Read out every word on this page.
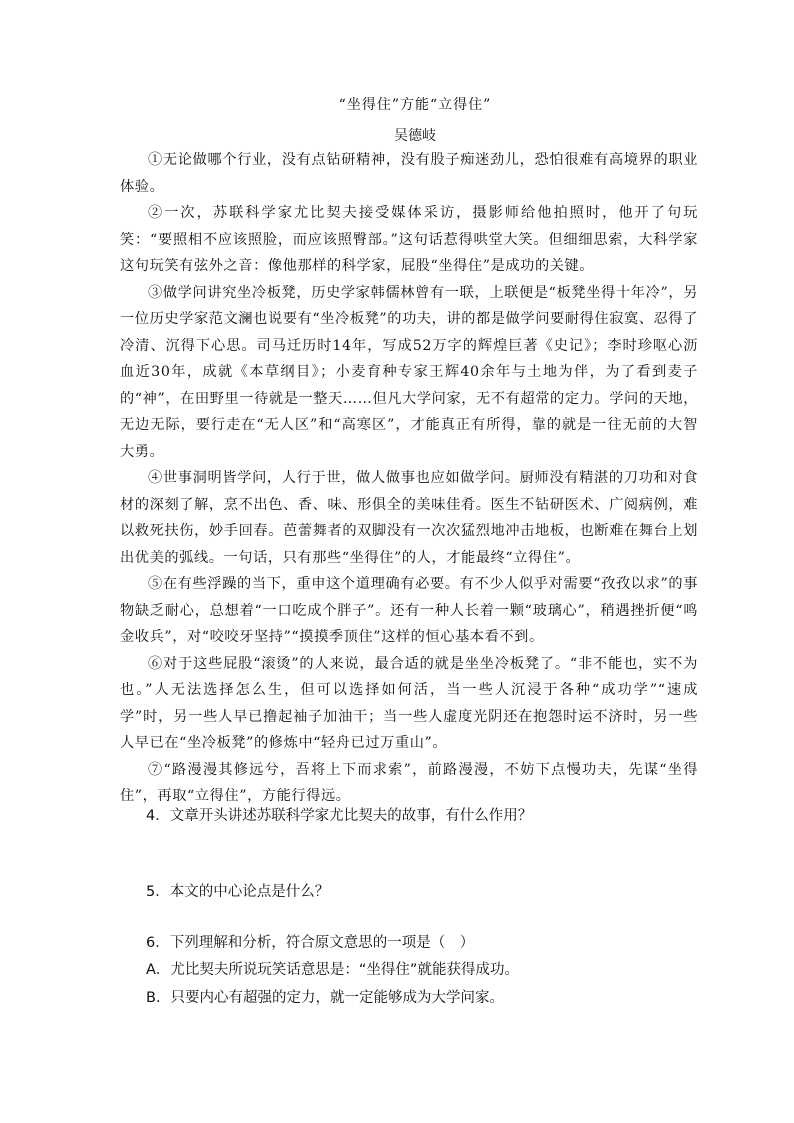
“坐得住”方能“立得住”
吴德岐

①无论做哪个行业，没有点钻研精神，没有股子痴迷劲儿，恐怕很难有高境界的职业体验。

②一次，苏联科学家尤比契夫接受媒体采访，摄影师给他拍照时，他开了句玩笑：“要照相不应该照脸，而应该照臀部。”这句话惹得哄堂大笑。但细细思索，大科学家这句玩笑有弦外之音：像他那样的科学家，屁股“坐得住”是成功的关键。

③做学问讲究坐冷板凳，历史学家韩儒林曾有一联，上联便是“板凳坐得十年冷”，另一位历史学家范文澜也说要有“坐冷板凳”的功夫，讲的都是做学问要耐得住寂寞、忍得了冷清、沉得下心思。司马迁历时14年，写成52万字的辉煌巨著《史记》；李时珍呕心沥血近30年，成就《本草纲目》；小麦育种专家王辉40余年与土地为伴，为了看到麦子的“神”，在田野里一待就是一整天……但凡大学问家，无不有超常的定力。学问的天地，无边无际，要行走在“无人区”和“高寒区”，才能真正有所得，靠的就是一往无前的大智大勇。

④世事洞明皆学问，人行于世，做人做事也应如做学问。厨师没有精湛的刀功和对食材的深刻了解，烹不出色、香、味、形俱全的美味佳肴。医生不钻研医术、广阅病例，难以救死扶伤，妙手回春。芭蕾舞者的双脚没有一次次猛烈地冲击地板，也断难在舞台上划出优美的弧线。一句话，只有那些“坐得住”的人，才能最终“立得住”。

⑤在有些浮躁的当下，重申这个道理确有必要。有不少人似乎对需要“孜孜以求”的事物缺乏耐心，总想着“一口吃成个胖子”。还有一种人长着一颗“玻璃心”，稍遇挫折便“鸣金收兵”，对“咬咬牙坚持”“摸摸季顶住”这样的恒心基本看不到。

⑥对于这些屁股“滚烫”的人来说，最合适的就是坐坐冷板凳了。“非不能也，实不为也。”人无法选择怎么生，但可以选择如何活，当一些人沉浸于各种“成功学”“速成学”时，另一些人早已撸起袖子加油干；当一些人虚度光阴还在抱怨时运不济时，另一些人早已在“坐冷板凳”的修炼中“轻舟已过万重山”。

⑦“路漫漫其修远兮，吾将上下而求索”，前路漫漫，不妨下点慢功夫，先谋“坐得住”，再取“立得住”，方能行得远。

4．文章开头讲述苏联科学家尤比契夫的故事，有什么作用？
5．本文的中心论点是什么？
6．下列理解和分析，符合原文意思的一项是（　）
A．尤比契夫所说玩笑话意思是：“坐得住”就能获得成功。
B．只要内心有超强的定力，就一定能够成为大学问家。
